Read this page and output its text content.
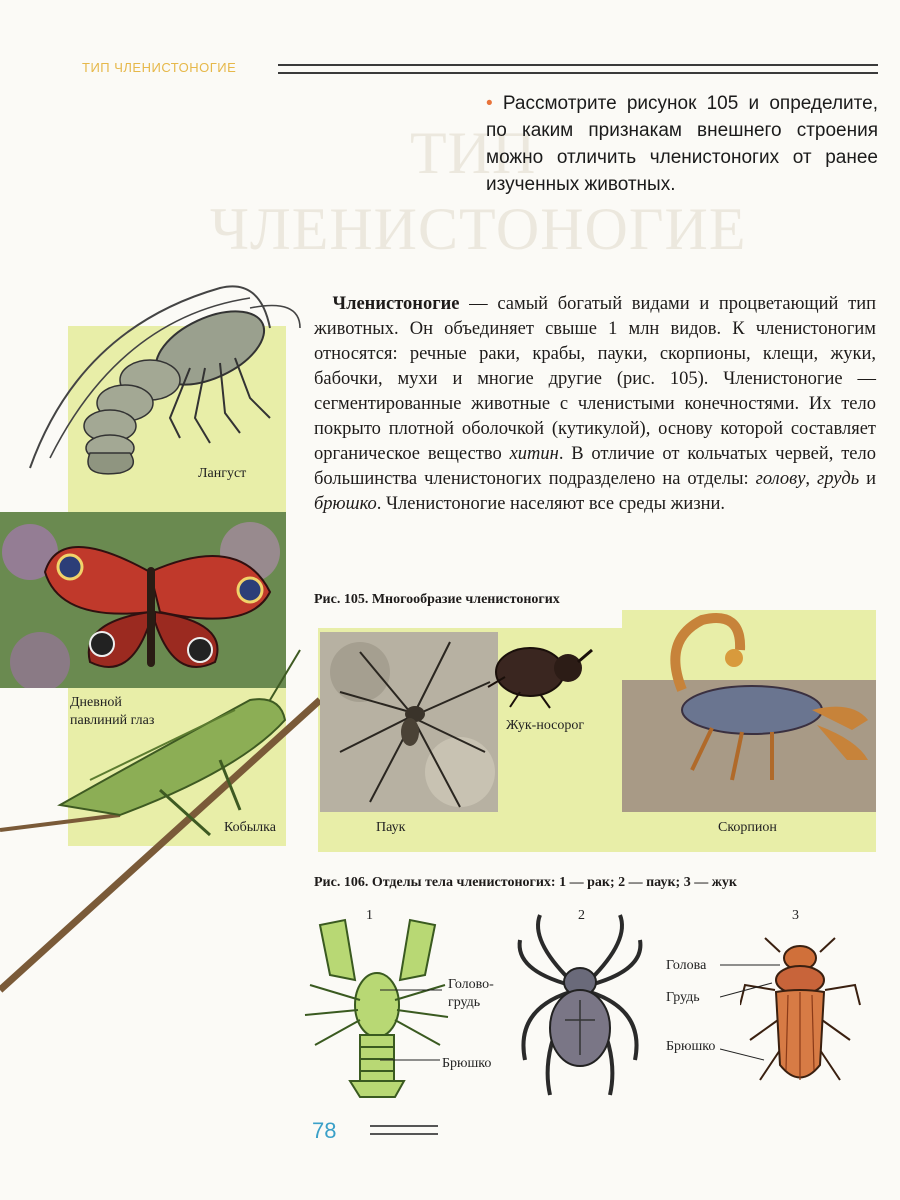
ТИП ЧЛЕНИСТОНОГИЕ
ТИП
ЧЛЕНИСТОНОГИЕ
• Рассмотрите рисунок 105 и определите, по каким признакам внешнего строения можно отличить членистоногих от ранее изученных животных.
Лангуст
Дневной
павлиний глаз
Кобылка
 Членистоногие — самый богатый видами и процветающий тип животных. Он объединяет свыше 1 млн видов. К членистоногим относятся: речные раки, крабы, пауки, скорпионы, клещи, жуки, бабочки, мухи и многие другие (рис. 105). Членистоногие — сегментированные животные с членистыми конечностями. Их тело покрыто плотной оболочкой (кутикулой), основу которой составляет органическое вещество хитин. В отличие от кольчатых червей, тело большинства членистоногих подразделено на отделы: голову, грудь и брюшко. Членистоногие населяют все среды жизни.
Рис. 105. Многообразие членистоногих
Паук
Жук-носорог
Скорпион
Рис. 106. Отделы тела членистоногих: 1 — рак; 2 — паук; 3 — жук
1	2	3
Голово-
грудь
Брюшко
Голова
Грудь
Брюшко
78
